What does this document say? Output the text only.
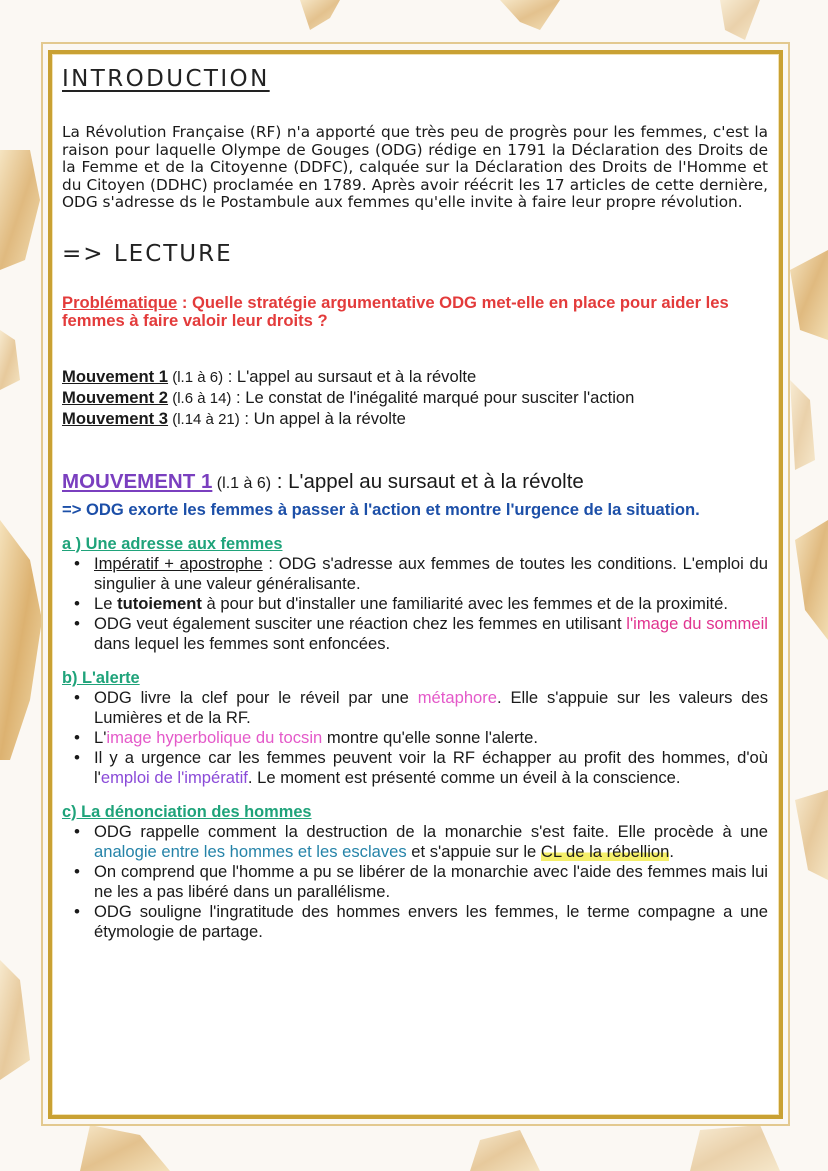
INTRODUCTION
La Révolution Française (RF) n'a apporté que très peu de progrès pour les femmes, c'est la raison pour laquelle Olympe de Gouges (ODG) rédige en 1791 la Déclaration des Droits de la Femme et de la Citoyenne (DDFC), calquée sur la Déclaration des Droits de l'Homme et du Citoyen (DDHC) proclamée en 1789. Après avoir réécrit les 17 articles de cette dernière, ODG s'adresse ds le Postambule aux femmes qu'elle invite à faire leur propre révolution.
=> LECTURE
Problématique : Quelle stratégie argumentative ODG met-elle en place pour aider les femmes à faire valoir leur droits ?
Mouvement 1 (l.1 à 6) : L'appel au sursaut et à la révolte
Mouvement 2 (l.6 à 14) : Le constat de l'inégalité marqué pour susciter l'action
Mouvement 3 (l.14 à 21) : Un appel à la révolte
MOUVEMENT 1 (l.1 à 6) : L'appel au sursaut et à la révolte
=> ODG exorte les femmes à passer à l'action et montre l'urgence de la situation.
a ) Une adresse aux femmes
• Impératif + apostrophe : ODG s'adresse aux femmes de toutes les conditions. L'emploi du singulier à une valeur généralisante.
• Le tutoiement à pour but d'installer une familiarité avec les femmes et de la proximité.
• ODG veut également susciter une réaction chez les femmes en utilisant l'image du sommeil dans lequel les femmes sont enfoncées.
b) L'alerte
• ODG livre la clef pour le réveil par une métaphore. Elle s'appuie sur les valeurs des Lumières et de la RF.
• L'image hyperbolique du tocsin montre qu'elle sonne l'alerte.
• Il y a urgence car les femmes peuvent voir la RF échapper au profit des hommes, d'où l'emploi de l'impératif. Le moment est présenté comme un éveil à la conscience.
c) La dénonciation des hommes
• ODG rappelle comment la destruction de la monarchie s'est faite. Elle procède à une analogie entre les hommes et les esclaves et s'appuie sur le CL de la rébellion.
• On comprend que l'homme a pu se libérer de la monarchie avec l'aide des femmes mais lui ne les a pas libéré dans un parallélisme.
• ODG souligne l'ingratitude des hommes envers les femmes, le terme compagne a une étymologie de partage.
